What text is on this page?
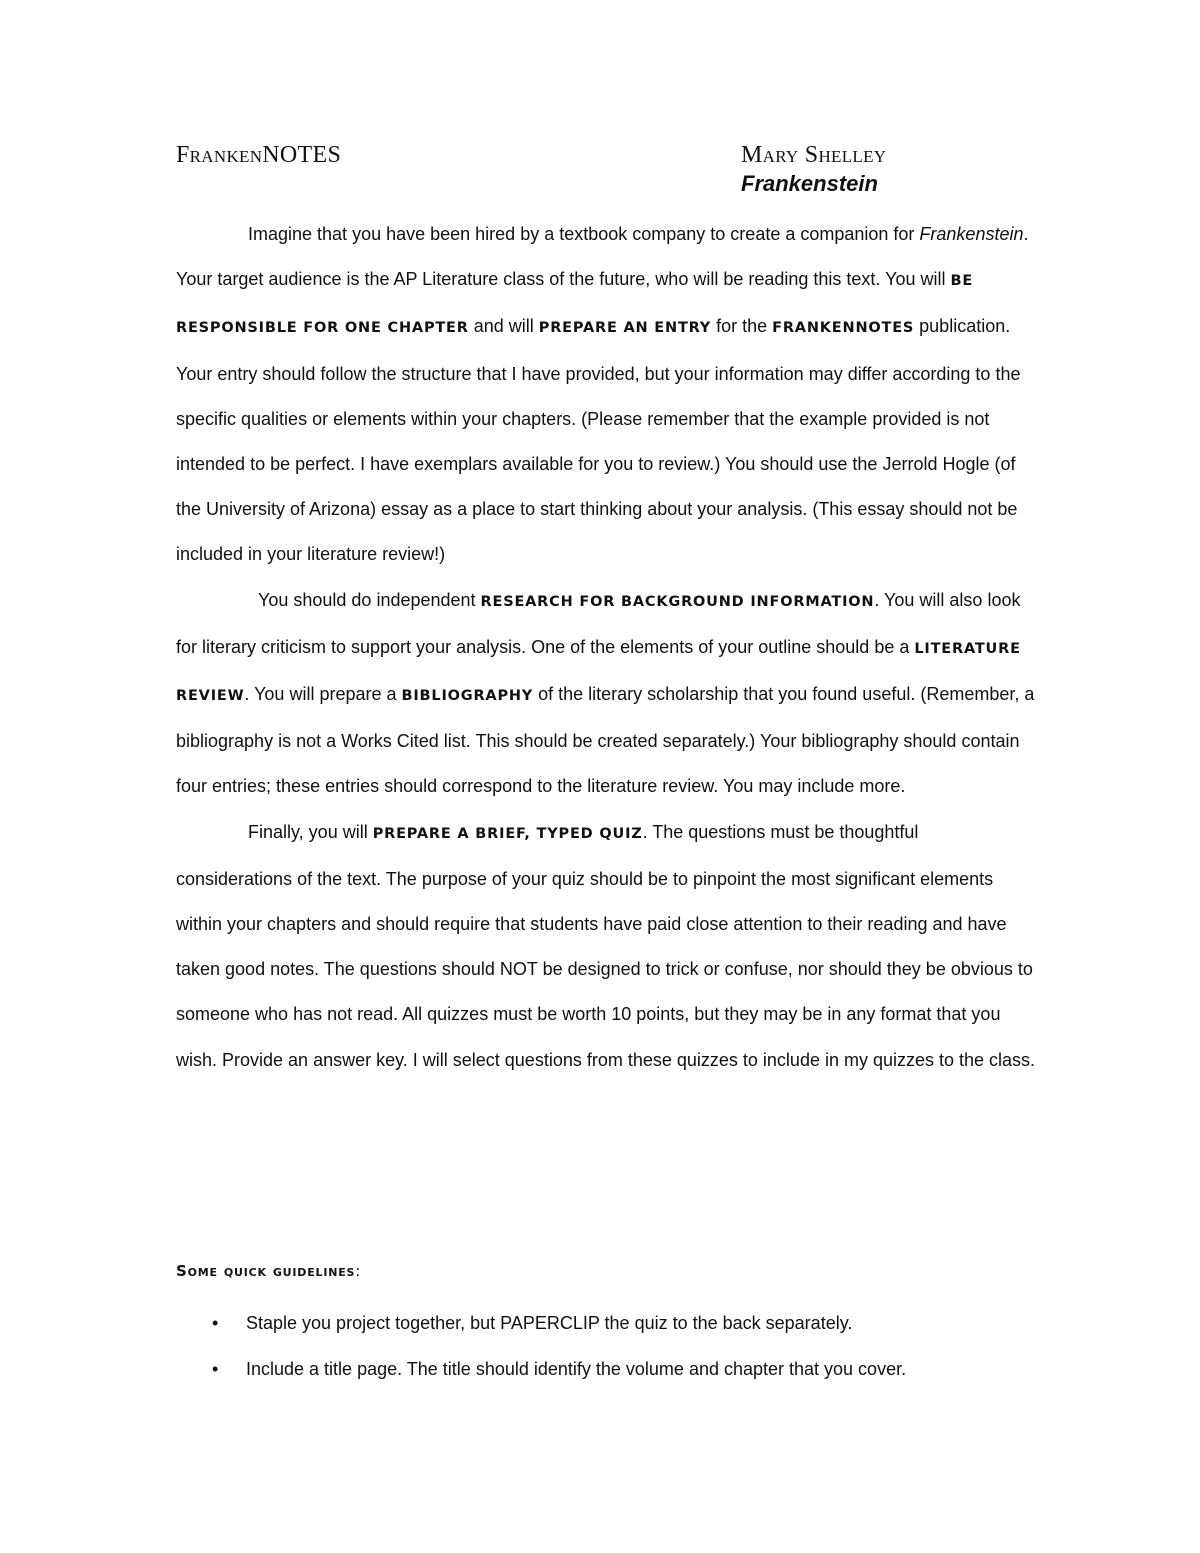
FrankenNOTES	Mary Shelley
Frankenstein

Imagine that you have been hired by a textbook company to create a companion for Frankenstein. Your target audience is the AP Literature class of the future, who will be reading this text. You will BE RESPONSIBLE FOR ONE CHAPTER and will PREPARE AN ENTRY for the FRANKENNOTES publication. Your entry should follow the structure that I have provided, but your information may differ according to the specific qualities or elements within your chapters. (Please remember that the example provided is not intended to be perfect. I have exemplars available for you to review.) You should use the Jerrold Hogle (of the University of Arizona) essay as a place to start thinking about your analysis. (This essay should not be included in your literature review!)

You should do independent RESEARCH FOR BACKGROUND INFORMATION. You will also look for literary criticism to support your analysis. One of the elements of your outline should be a LITERATURE REVIEW. You will prepare a BIBLIOGRAPHY of the literary scholarship that you found useful. (Remember, a bibliography is not a Works Cited list. This should be created separately.) Your bibliography should contain four entries; these entries should correspond to the literature review. You may include more.

Finally, you will PREPARE A BRIEF, TYPED QUIZ. The questions must be thoughtful considerations of the text. The purpose of your quiz should be to pinpoint the most significant elements within your chapters and should require that students have paid close attention to their reading and have taken good notes. The questions should NOT be designed to trick or confuse, nor should they be obvious to someone who has not read. All quizzes must be worth 10 points, but they may be in any format that you wish. Provide an answer key. I will select questions from these quizzes to include in my quizzes to the class.

Some quick guidelines:
• Staple you project together, but PAPERCLIP the quiz to the back separately.
• Include a title page. The title should identify the volume and chapter that you cover.
